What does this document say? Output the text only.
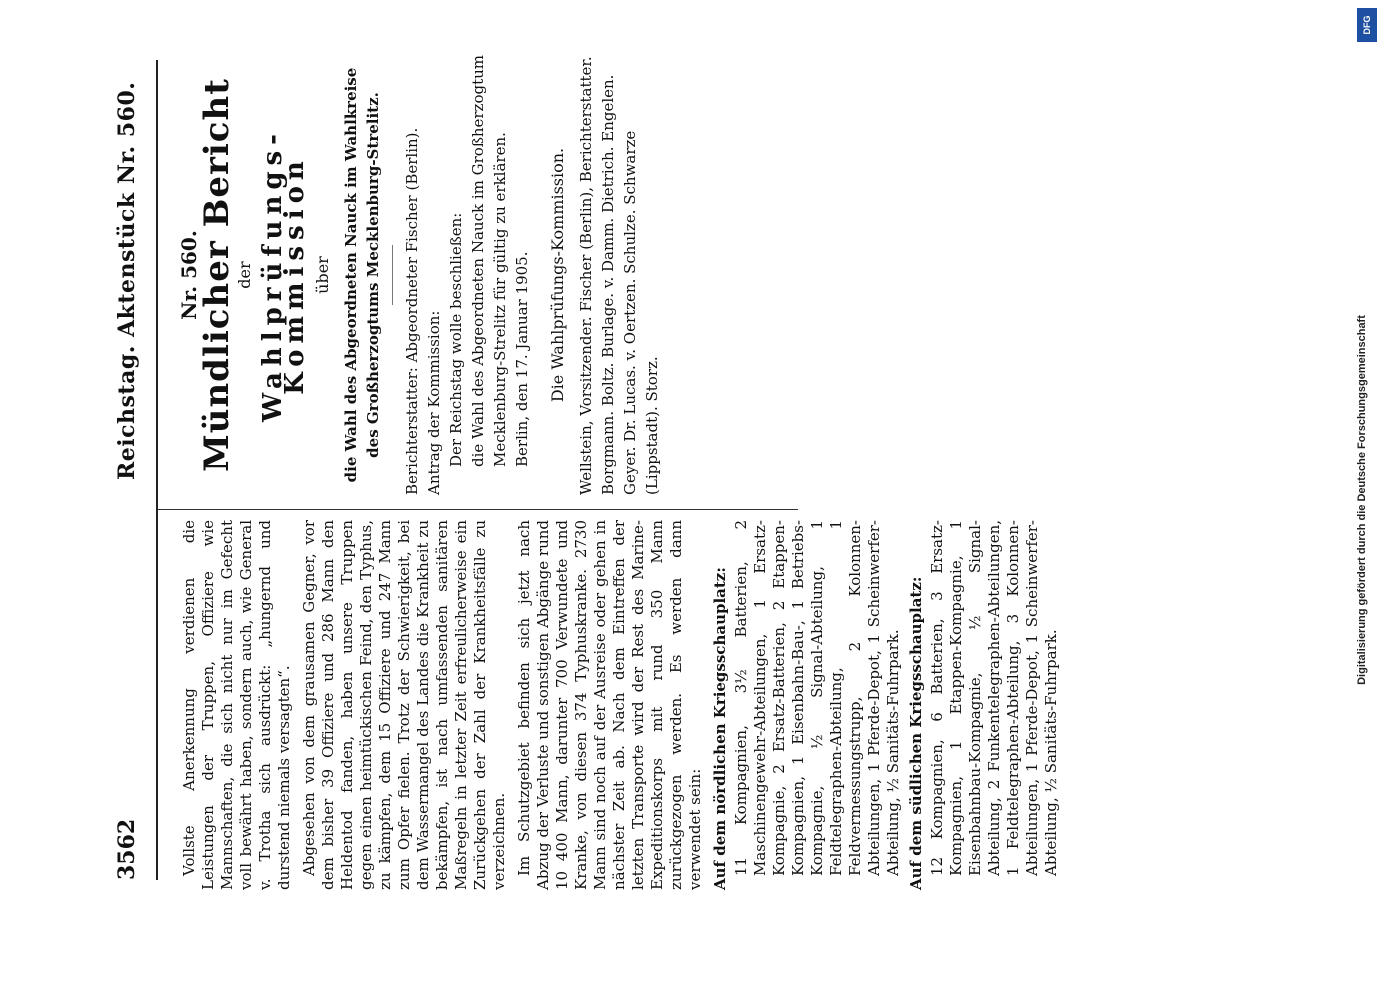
3562
Reichstag. Aktenstück Nr. 560.

Vollste Anerkennung verdienen die Leistungen der Truppen, Offiziere wie Mannschaften, die sich nicht nur im Gefecht voll bewährt haben, sondern auch, wie General v. Trotha sich ausdrückt: „hungernd und durstend niemals versagten“. Abgesehen von dem grausamen Gegner, vor dem bisher 39 Offiziere und 286 Mann den Heldentod fanden, haben unsere Truppen gegen einen heimtückischen Feind, den Typhus, zu kämpfen, dem 15 Offiziere und 247 Mann zum Opfer fielen. Trotz der Schwierigkeit, bei dem Wassermangel des Landes die Krankheit zu bekämpfen, ist nach umfassenden sanitären Maßregeln in letzter Zeit erfreulicherweise ein Zurückgehen der Zahl der Krankheitsfälle zu verzeichnen. Im Schutzgebiet befinden sich jetzt nach Abzug der Verluste und sonstigen Abgänge rund 10 400 Mann, darunter 700 Verwundete und Kranke, von diesen 374 Typhuskranke. 2730 Mann sind noch auf der Ausreise oder gehen in nächster Zeit ab. Nach dem Eintreffen der letzten Transporte wird der Rest des Marine-Expeditionskorps mit rund 350 Mann zurückgezogen werden. Es werden dann verwendet sein: Auf dem nördlichen Kriegsschauplatz: 11 Kompagnien, 3½ Batterien, 2 Maschinengewehr-Abteilungen, 1 Ersatz-Kompagnie, 2 Ersatz-Batterien, 2 Etappen-Kompagnien, 1 Eisenbahn-Bau-, 1 Betriebs-Kompagnie, ½ Signal-Abteilung, 1 Feldtelegraphen-Abteilung, 1 Feldvermessungstrupp, 2 Kolonnen-Abteilungen, 1 Pferde-Depot, 1 Scheinwerfer-Abteilung, ½ Sanitäts-Fuhrpark. Auf dem südlichen Kriegsschauplatz: 12 Kompagnien, 6 Batterien, 3 Ersatz-Kompagnien, 1 Etappen-Kompagnie, 1 Eisenbahnbau-Kompagnie, ½ Signal-Abteilung, 2 Funkentelegraphen-Abteilungen, 1 Feldtelegraphen-Abteilung, 3 Kolonnen-Abteilungen, 1 Pferde-Depot, 1 Scheinwerfer-Abteilung, ½ Sanitäts-Fuhrpark.
Nr. 560.
Mündlicher Bericht
der Wahlprüfungs-Kommission über die Wahl des Abgeordneten Nauck im Wahlkreise des Großherzogtums Mecklenburg-Strelitz. Berichterstatter: Abgeordneter Fischer (Berlin). Antrag der Kommission: Der Reichstag wolle beschließen: die Wahl des Abgeordneten Nauck im Großherzogtum Mecklenburg-Strelitz für gültig zu erklären. Berlin, den 17. Januar 1905. Die Wahlprüfungs-Kommission. Wellstein, Vorsitzender. Fischer (Berlin), Berichterstatter. Borgmann. Boltz. Burlage. v. Damm. Dietrich. Engelen. Geyer. Dr. Lucas. v. Oertzen. Schulze. Schwarze (Lippstadt). Storz.
DFG
Digitalisierung gefördert durch die Deutsche Forschungsgemeinschaft
